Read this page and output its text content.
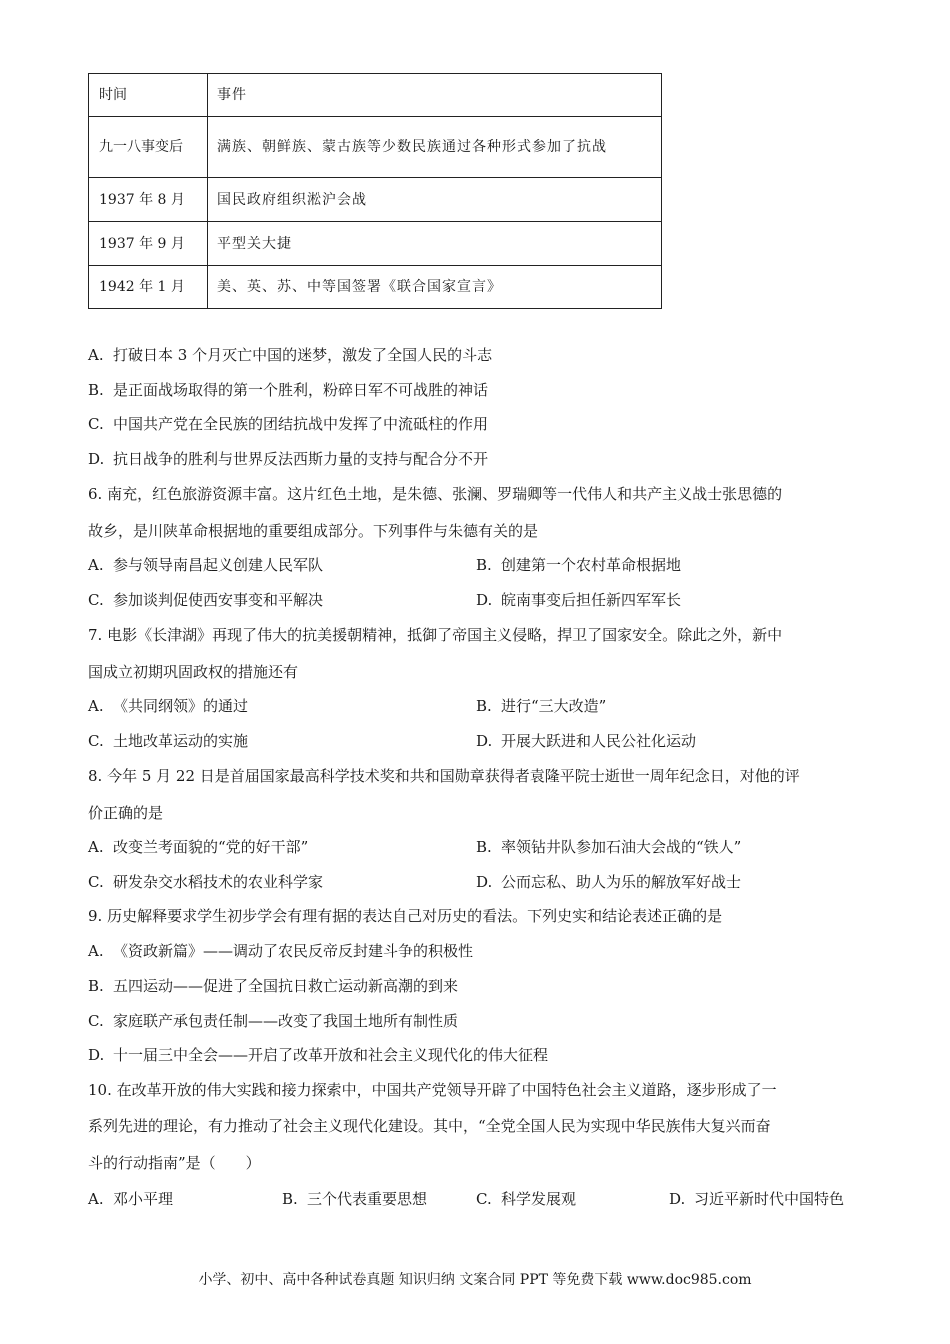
时间	事件
九一八事变后	满族、朝鲜族、蒙古族等少数民族通过各种形式参加了抗战
1937 年 8 月	国民政府组织淞沪会战
1937 年 9 月	平型关大捷
1942 年 1 月	美、英、苏、中等国签署《联合国家宣言》
A. 打破日本 3 个月灭亡中国的迷梦，激发了全国人民的斗志
B. 是正面战场取得的第一个胜利，粉碎日军不可战胜的神话
C. 中国共产党在全民族的团结抗战中发挥了中流砥柱的作用
D. 抗日战争的胜利与世界反法西斯力量的支持与配合分不开
6. 南充，红色旅游资源丰富。这片红色土地，是朱德、张澜、罗瑞卿等一代伟人和共产主义战士张思德的
故乡，是川陕革命根据地的重要组成部分。下列事件与朱德有关的是
A. 参与领导南昌起义创建人民军队	B. 创建第一个农村革命根据地
C. 参加谈判促使西安事变和平解决	D. 皖南事变后担任新四军军长
7. 电影《长津湖》再现了伟大的抗美援朝精神，抵御了帝国主义侵略，捍卫了国家安全。除此之外，新中
国成立初期巩固政权的措施还有
A. 《共同纲领》的通过	B. 进行“三大改造”
C. 土地改革运动的实施	D. 开展大跃进和人民公社化运动
8. 今年 5 月 22 日是首届国家最高科学技术奖和共和国勋章获得者袁隆平院士逝世一周年纪念日，对他的评
价正确的是
A. 改变兰考面貌的“党的好干部”	B. 率领钻井队参加石油大会战的“铁人”
C. 研发杂交水稻技术的农业科学家	D. 公而忘私、助人为乐的解放军好战士
9. 历史解释要求学生初步学会有理有据的表达自己对历史的看法。下列史实和结论表述正确的是
A. 《资政新篇》——调动了农民反帝反封建斗争的积极性
B. 五四运动——促进了全国抗日救亡运动新高潮的到来
C. 家庭联产承包责任制——改变了我国土地所有制性质
D. 十一届三中全会——开启了改革开放和社会主义现代化的伟大征程
10. 在改革开放的伟大实践和接力探索中，中国共产党领导开辟了中国特色社会主义道路，逐步形成了一
系列先进的理论，有力推动了社会主义现代化建设。其中，“全党全国人民为实现中华民族伟大复兴而奋
斗的行动指南”是（　　）
A. 邓小平理	B. 三个代表重要思想	C. 科学发展观	D. 习近平新时代中国特色
小学、初中、高中各种试卷真题 知识归纳 文案合同 PPT 等免费下载 www.doc985.com
